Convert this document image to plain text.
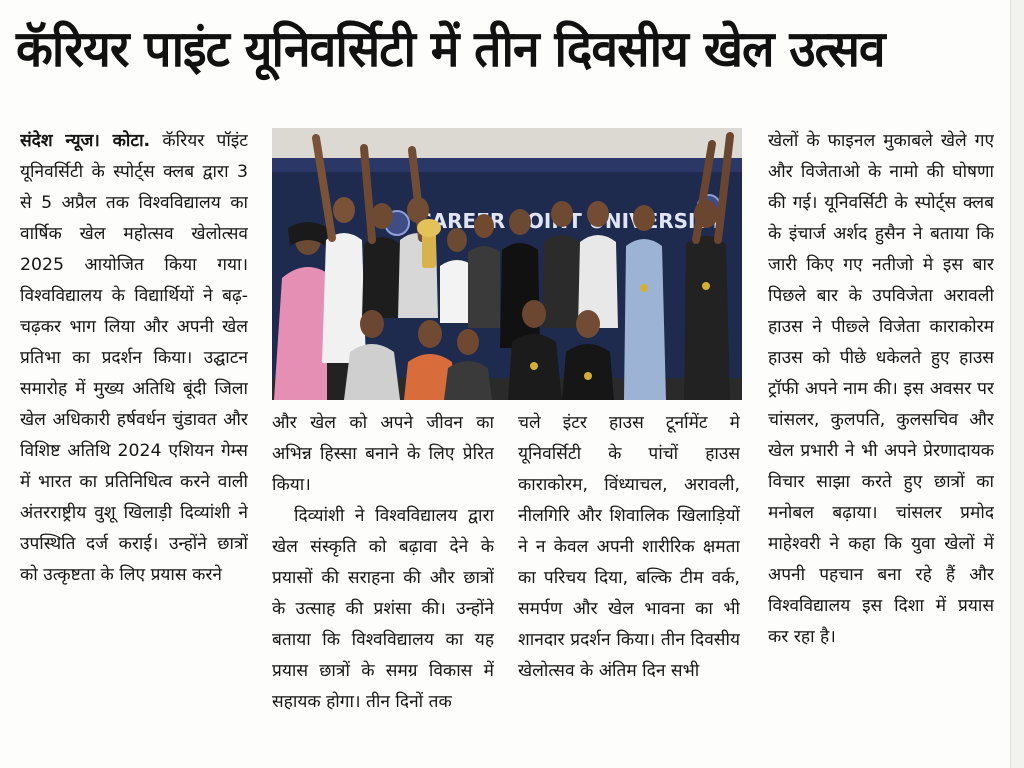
कॅरियर पाइंट यूनिवर्सिटी में तीन दिवसीय खेल उत्सव

संदेश न्यूज। कोटा. कॅरियर पॉइंट यूनिवर्सिटी के स्पोर्ट्स क्लब द्वारा 3 से 5 अप्रैल तक विश्वविद्यालय का वार्षिक खेल महोत्सव खेलोत्सव 2025 आयोजित किया गया। विश्वविद्यालय के विद्यार्थियों ने बढ़-चढ़कर भाग लिया और अपनी खेल प्रतिभा का प्रदर्शन किया। उद्घाटन समारोह में मुख्य अतिथि बूंदी जिला खेल अधिकारी हर्षवर्धन चुंडावत और विशिष्ट अतिथि 2024 एशियन गेम्स में भारत का प्रतिनिधित्व करने वाली अंतरराष्ट्रीय वुशू खिलाड़ी दिव्यांशी ने उपस्थिति दर्ज कराई। उन्होंने छात्रों को उत्कृष्टता के लिए प्रयास करने

CAREER POINT UNIVERSITY

और खेल को अपने जीवन का अभिन्न हिस्सा बनाने के लिए प्रेरित किया।

दिव्यांशी ने विश्वविद्यालय द्वारा खेल संस्कृति को बढ़ावा देने के प्रयासों की सराहना की और छात्रों के उत्साह की प्रशंसा की। उन्होंने बताया कि विश्वविद्यालय का यह प्रयास छात्रों के समग्र विकास में सहायक होगा। तीन दिनों तक

चले इंटर हाउस टूर्नामेंट मे यूनिवर्सिटी के पांचों हाउस काराकोरम, विंध्याचल, अरावली, नीलगिरि और शिवालिक खिलाड़ियों ने न केवल अपनी शारीरिक क्षमता का परिचय दिया, बल्कि टीम वर्क, समर्पण और खेल भावना का भी शानदार प्रदर्शन किया। तीन दिवसीय खेलोत्सव के अंतिम दिन सभी

खेलों के फाइनल मुकाबले खेले गए और विजेताओ के नामो की घोषणा की गई। यूनिवर्सिटी के स्पोर्ट्स क्लब के इंचार्ज अर्शद हुसैन ने बताया कि जारी किए गए नतीजो मे इस बार पिछले बार के उपविजेता अरावली हाउस ने पीछ्ले विजेता काराकोरम हाउस को पीछे धकेलते हुए हाउस ट्रॉफी अपने नाम की। इस अवसर पर चांसलर, कुलपति, कुलसचिव और खेल प्रभारी ने भी अपने प्रेरणादायक विचार साझा करते हुए छात्रों का मनोबल बढ़ाया। चांसलर प्रमोद माहेश्वरी ने कहा कि युवा खेलों में अपनी पहचान बना रहे हैं और विश्वविद्यालय इस दिशा में प्रयास कर रहा है।
